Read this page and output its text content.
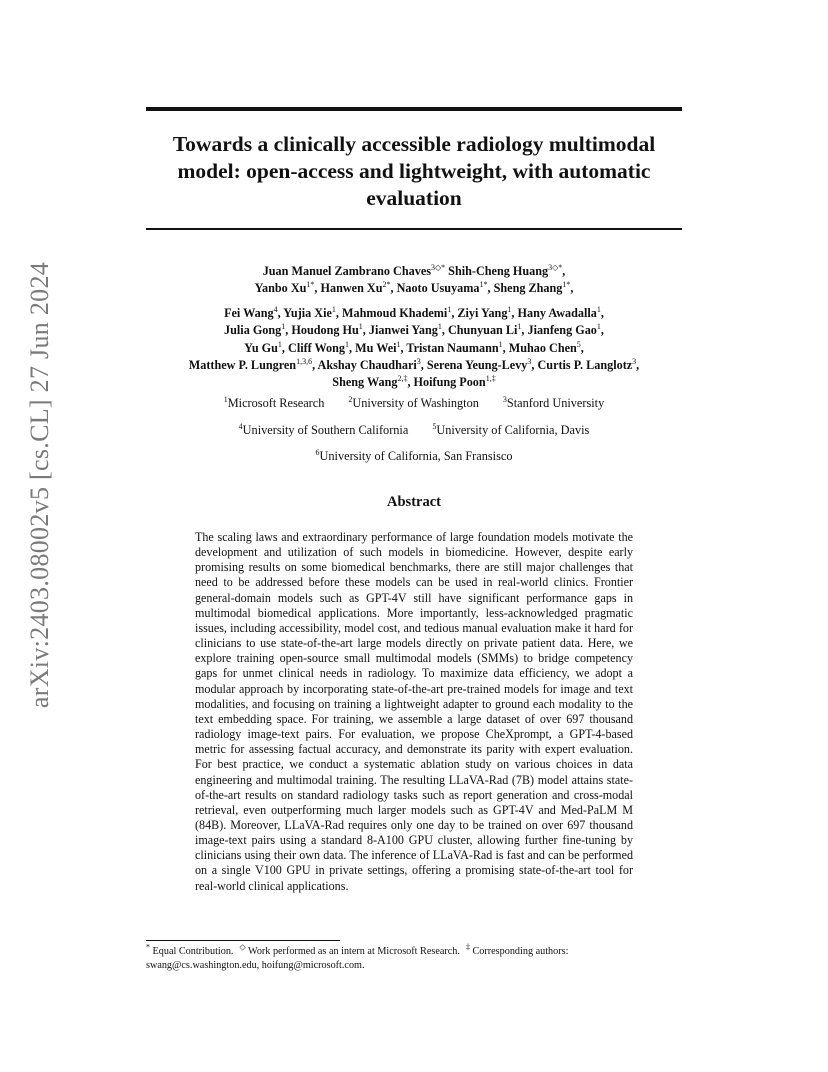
arXiv:2403.08002v5 [cs.CL] 27 Jun 2024
Towards a clinically accessible radiology multimodal
model: open-access and lightweight, with automatic
evaluation
Juan Manuel Zambrano Chaves$^{3◇*}$ Shih-Cheng Huang$^{3◇*}$,
Yanbo $Xu^{1*}$, Hanwen $Xu^{2*}$, Naoto Usuyama$^{1*}$, Sheng Zhang$^{1*}$,
Fei Wang$^4$, Yujia Xie$^1$, Mahmoud Khademi$^1$, Ziyi Yang$^1$, Hany Awadalla$^1$,
Julia Gong$^1$, Houdong Hu$^1$, Jianwei Yang$^1$, Chunyuan Li$^1$, Jianfeng Gao$^1$,
Yu Gu$^1$, Cliff Wong$^1$, Mu Wei$^1$, Tristan Naumann$^1$, Muhao Chen$^5$,
Matthew P. Lungren$^{1,3,6}$, Akshay Chaudhari$^3$, Serena Yeung-Levy$^3$, Curtis P. Langlotz$^3$,
Sheng Wang$^{2,\ddagger}$, Hoifung Poon$^{1,\ddagger}$
$^1$Microsoft Research	$^2$University of Washington	$^3$Stanford University
$^4$University of Southern California	$^5$University of California, Davis
$^6$University of California, San Fransisco
Abstract

The scaling laws and extraordinary performance of large foundation models motivate the development and utilization of such models in biomedicine. However, despite early promising results on some biomedical benchmarks, there are still major challenges that need to be addressed before these models can be used in real-world clinics. Frontier general-domain models such as GPT-4V still have significant performance gaps in multimodal biomedical applications. More importantly, less-acknowledged pragmatic issues, including accessibility, model cost, and tedious manual evaluation make it hard for clinicians to use state-of-the-art large models directly on private patient data. Here, we explore training open-source small multimodal models (SMMs) to bridge competency gaps for unmet clinical needs in radiology. To maximize data efficiency, we adopt a modular approach by incorporating state-of-the-art pre-trained models for image and text modalities, and focusing on training a lightweight adapter to ground each modality to the text embedding space. For training, we assemble a large dataset of over 697 thousand radiology image-text pairs. For evaluation, we propose CheXprompt, a GPT-4-based metric for assessing factual accuracy, and demonstrate its parity with expert evaluation. For best practice, we conduct a systematic ablation study on various choices in data engineering and multimodal training. The resulting LLaVA-Rad (7B) model attains state-of-the-art results on standard radiology tasks such as report generation and cross-modal retrieval, even outperforming much larger models such as GPT-4V and Med-PaLM M (84B). Moreover, LLaVA-Rad requires only one day to be trained on over 697 thousand image-text pairs using a standard 8-A100 GPU cluster, allowing further fine-tuning by clinicians using their own data. The inference of LLaVA-Rad is fast and can be performed on a single V100 GPU in private settings, offering a promising state-of-the-art tool for real-world clinical applications.

* Equal Contribution. ◇ Work performed as an intern at Microsoft Research. ‡ Corresponding authors:
swang@cs.washington.edu, hoifung@microsoft.com.
